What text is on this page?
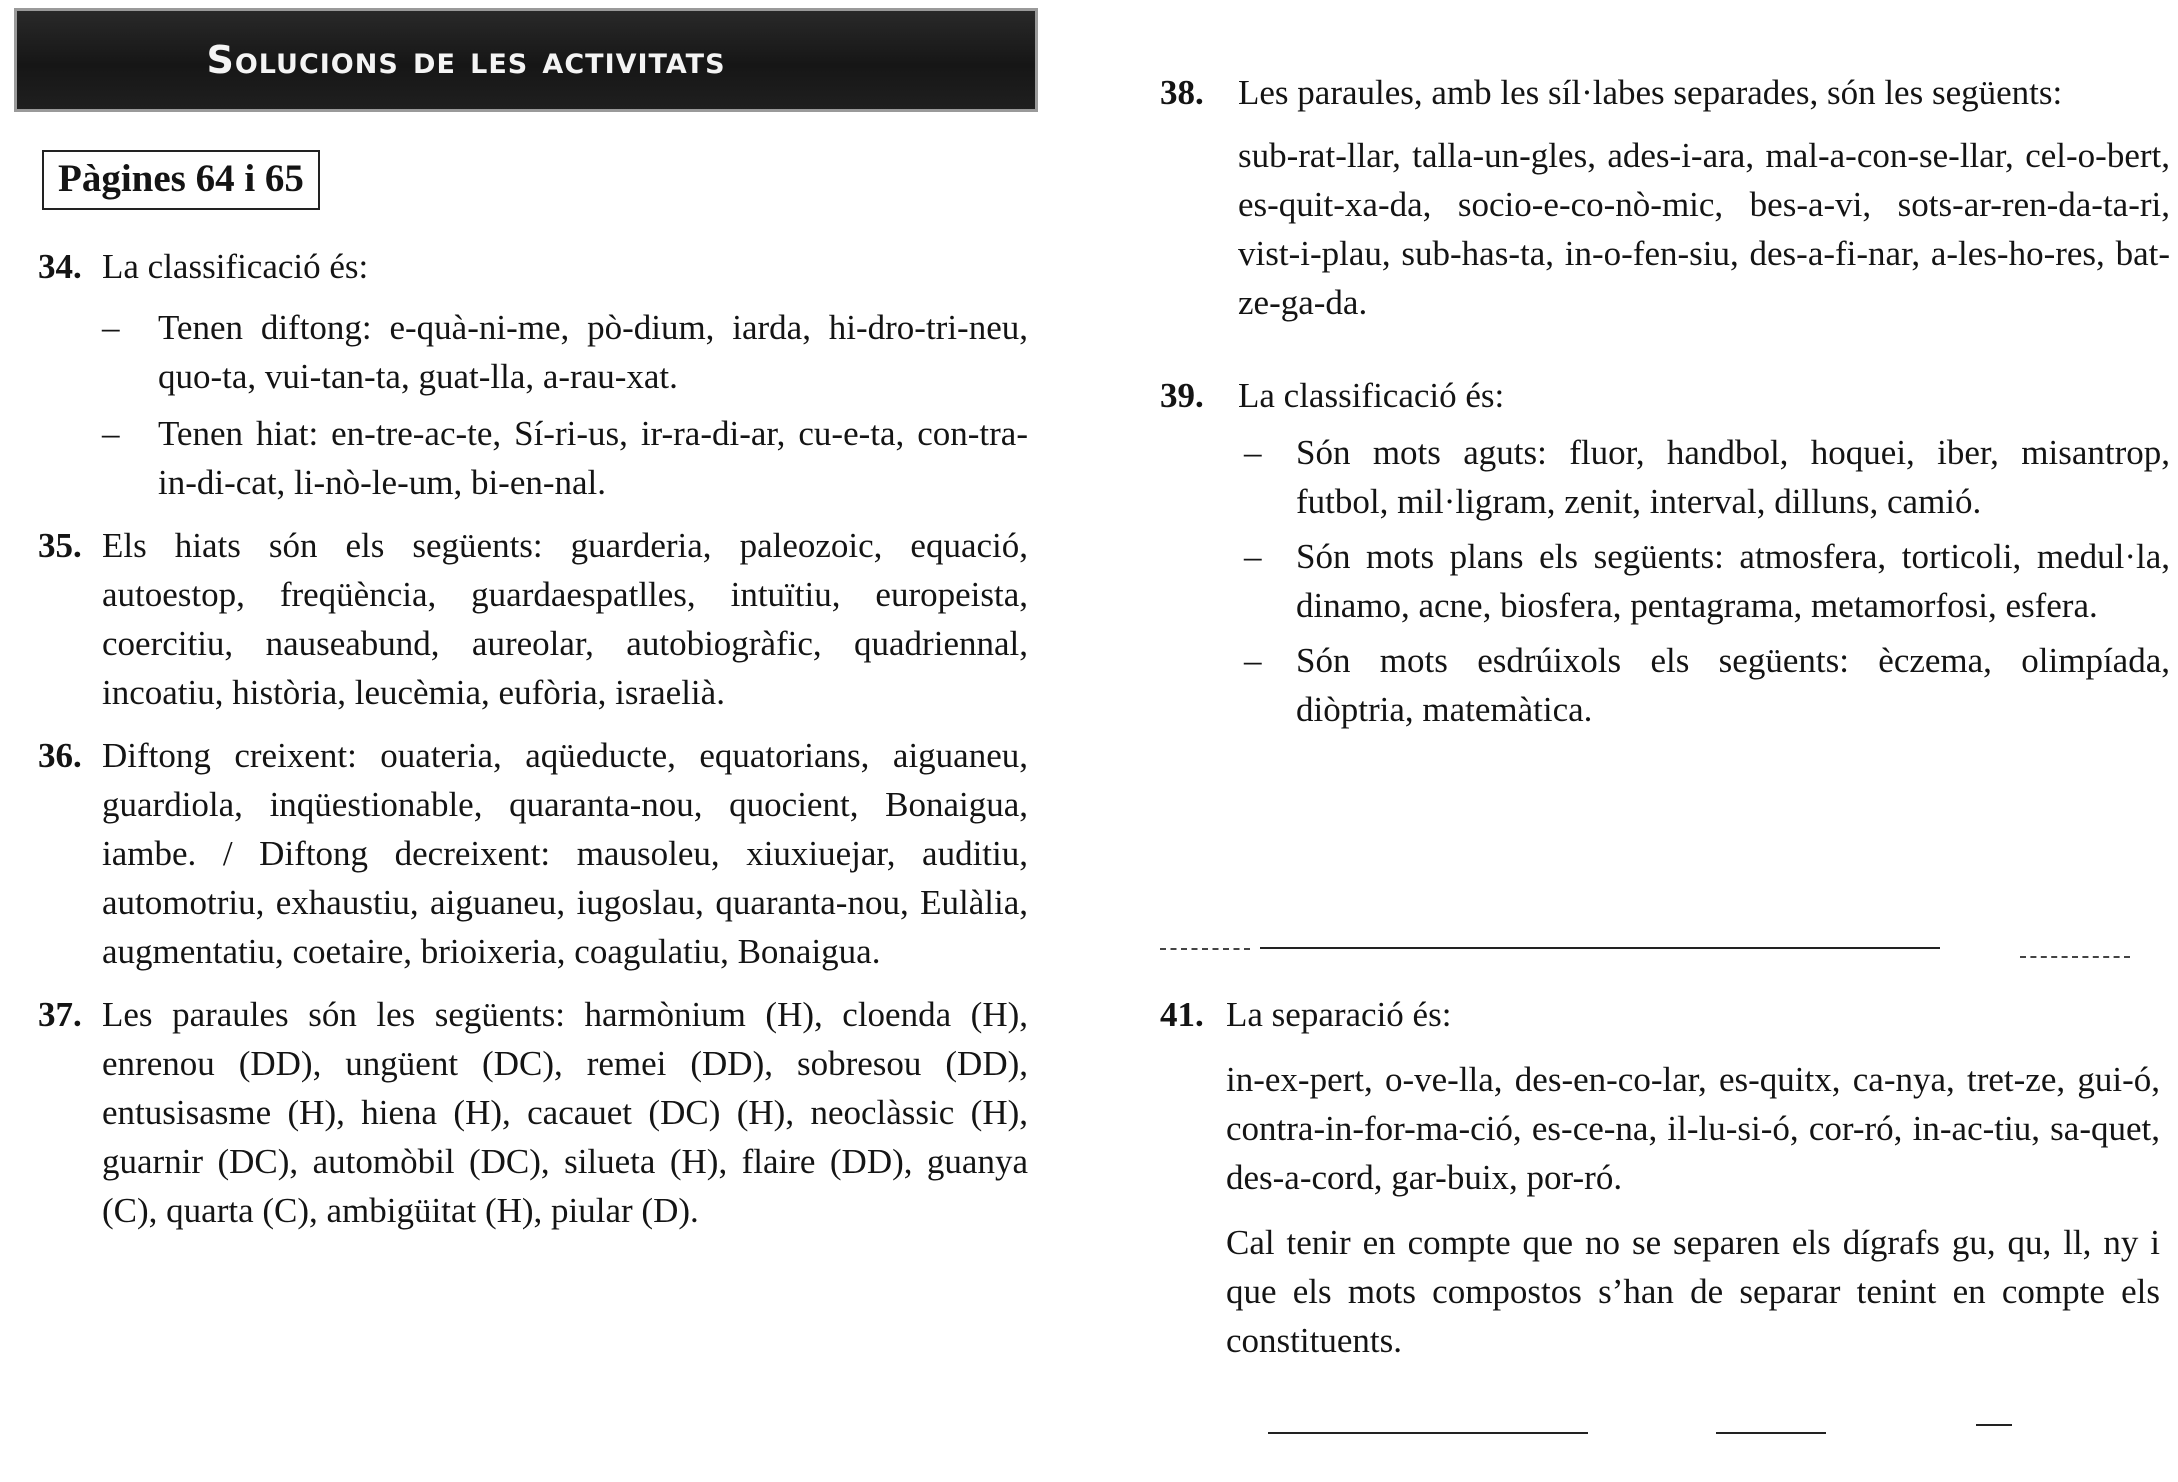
Solucions de les activitats
Pàgines 64 i 65

34. La classificació és:

– Tenen diftong: e-quà-ni-me, pò-dium, iarda, hi-dro-tri-neu, quo-ta, vui-tan-ta, guat-lla, a-rau-xat.
– Tenen hiat: en-tre-ac-te, Sí-ri-us, ir-ra-di-ar, cu-e-ta, con-tra-in-di-cat, li-nò-le-um, bi-en-nal.

35. Els hiats són els següents: guarderia, paleozoic, equació, autoestop, freqüència, guardaespatlles, intuïtiu, europeista, coercitiu, nauseabund, aureolar, autobiogràfic, quadriennal, incoatiu, història, leucèmia, eufòria, israelià.

36. Diftong creixent: ouateria, aqüeducte, equatorians, aiguaneu, guardiola, inqüestionable, quaranta-nou, quocient, Bonaigua, iambe. / Diftong decreixent: mausoleu, xiuxiuejar, auditiu, automotriu, exhaustiu, aiguaneu, iugoslau, quaranta-nou, Eulàlia, augmentatiu, coetaire, brioixeria, coagulatiu, Bonaigua.

37. Les paraules són les següents: harmònium (H), cloenda (H), enrenou (DD), ungüent (DC), remei (DD), sobresou (DD), entusisasme (H), hiena (H), cacauet (DC) (H), neoclàssic (H), guarnir (DC), automòbil (DC), silueta (H), flaire (DD), guanya (C), quarta (C), ambigüitat (H), piular (D).

38. Les paraules, amb les síl·labes separades, són les següents:

sub-rat-llar, talla-un-gles, ades-i-ara, mal-a-con-se-llar, cel-o-bert, es-quit-xa-da, socio-e-co-nò-mic, bes-a-vi, sots-ar-ren-da-ta-ri, vist-i-plau, sub-has-ta, in-o-fen-siu, des-a-fi-nar, a-les-ho-res, bat-ze-ga-da.

39. La classificació és:

– Són mots aguts: fluor, handbol, hoquei, iber, misantrop, futbol, mil·ligram, zenit, interval, dilluns, camió.
– Són mots plans els següents: atmosfera, torticoli, medul·la, dinamo, acne, biosfera, pentagrama, metamorfosi, esfera.
– Són mots esdrúixols els següents: èczema, olimpíada, diòptria, matemàtica.

41. La separació és:

in-ex-pert, o-ve-lla, des-en-co-lar, es-quitx, ca-nya, tret-ze, gui-ó, contra-in-for-ma-ció, es-ce-na, il-lu-si-ó, cor-ró, in-ac-tiu, sa-quet, des-a-cord, gar-buix, por-ró.
Cal tenir en compte que no se separen els dígrafs gu, qu, ll, ny i que els mots compostos s’han de separar tenint en compte els constituents.
